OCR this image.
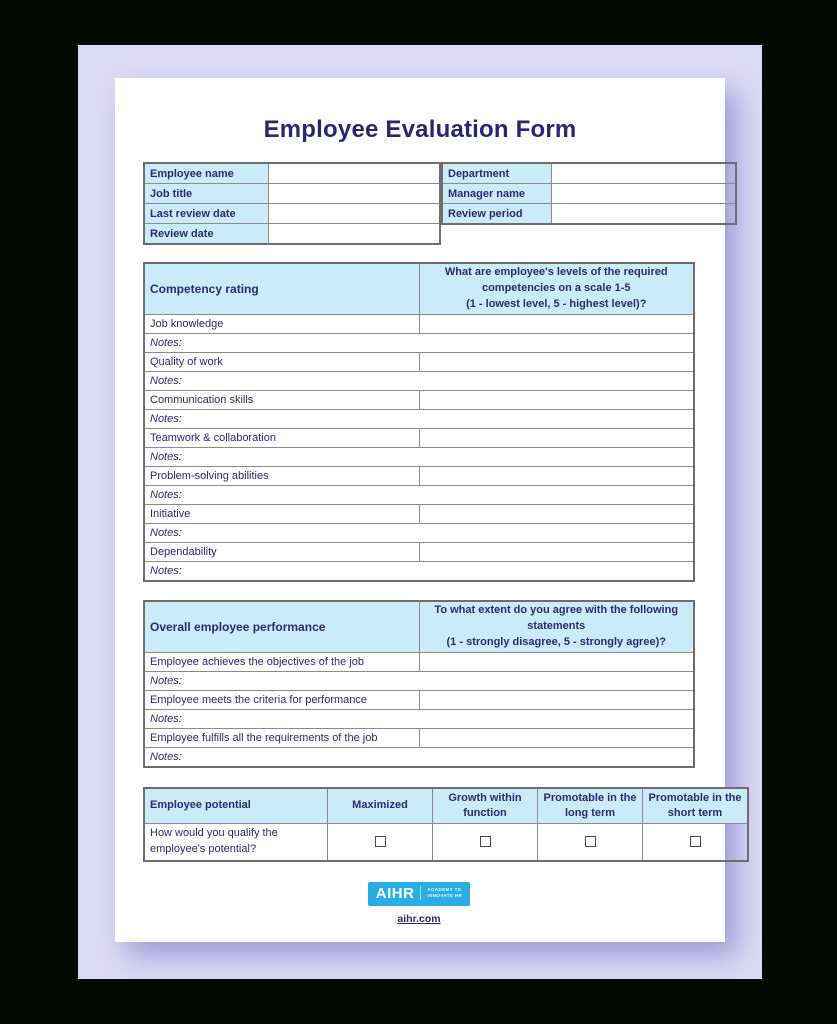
Employee Evaluation Form
Employee name	
Job title	
Last review date	
Review date	
Department	
Manager name	
Review period	
Competency rating	What are employee's levels of the required
competencies on a scale 1-5
(1 - lowest level, 5 - highest level)?

Job knowledge	
Notes:	
Quality of work	
Notes:	
Communication skills	
Notes:	
Teamwork & collaboration	
Notes:	
Problem-solving abilities	
Notes:	
Initiative	
Notes:	
Dependability	
Notes:	
Overall employee performance	To what extent do you agree with the following
statements
(1 - strongly disagree, 5 - strongly agree)?

Employee achieves the objectives of the job	
Notes:	
Employee meets the criteria for performance	
Notes:	
Employee fulfills all the requirements of the job	
Notes:	
Employee potential	Maximized	Growth within function	Promotable in the long term	Promotable in the short term
How would you qualify the employee's potential?				
AIHR	ACADEMY TO
INNOVATE HR
aihr.com
